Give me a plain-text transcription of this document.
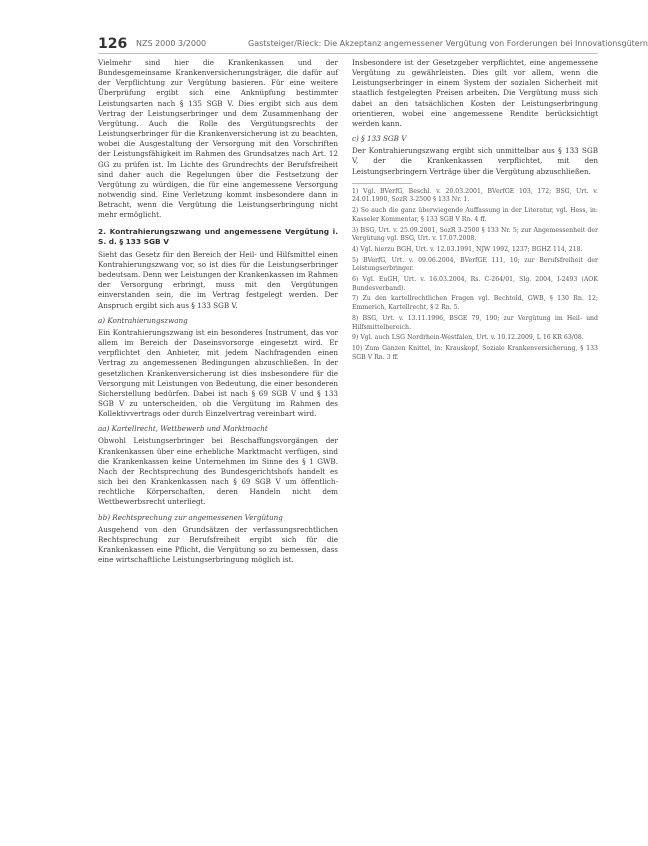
126 NZS 2000 3/2000	Gaststeiger/Rieck: Die Akzeptanz angemessener Vergütung von Forderungen bei Innovationsgütern

Vielmehr sind hier die Krankenkassen und der Bundesgemeinsame Krankenversicherungsträger, die dafür auf der Verpflichtung zur Vergütung basieren. Für eine weitere Überprüfung ergibt sich eine Anknüpfung bestimmter Leistungsarten nach § 135 SGB V. Dies ergibt sich aus dem Vertrag der Leistungserbringer und dem Zusammenhang der Vergütung. Auch die Rolle des Vergütungsrechts der Leistungserbringer für die Krankenversicherung ist zu beachten, wobei die Ausgestaltung der Versorgung mit den Vorschriften der Leistungsfähigkeit im Rahmen des Grundsatzes nach Art. 12 GG zu prüfen ist. Im Lichte des Grundrechts der Berufsfreiheit sind daher auch die Regelungen über die Festsetzung der Vergütung zu würdigen, die für eine angemessene Versorgung notwendig sind. Eine Verletzung kommt insbesondere dann in Betracht, wenn die Vergütung die Leistungserbringung nicht mehr ermöglicht.

2. Kontrahierungszwang und angemessene Vergütung i. S. d. § 133 SGB V

Sieht das Gesetz für den Bereich der Heil- und Hilfsmittel einen Kontrahierungszwang vor, so ist dies für die Leistungserbringer bedeutsam. Denn wer Leistungen der Krankenkassen im Rahmen der Versorgung erbringt, muss mit den Vergütungen einverstanden sein, die im Vertrag festgelegt werden. Der Anspruch ergibt sich aus § 133 SGB V.

a) Kontrahierungszwang

Ein Kontrahierungszwang ist ein besonderes Instrument, das vor allem im Bereich der Daseinsvorsorge eingesetzt wird. Er verpflichtet den Anbieter, mit jedem Nachfragenden einen Vertrag zu angemessenen Bedingungen abzuschließen. In der gesetzlichen Krankenversicherung ist dies insbesondere für die Versorgung mit Leistungen von Bedeutung, die einer besonderen Sicherstellung bedürfen. Dabei ist nach § 69 SGB V und § 133 SGB V zu unterscheiden, ob die Vergütung im Rahmen des Kollektivvertrags oder durch Einzelvertrag vereinbart wird.

aa) Kartellrecht, Wettbewerb und Marktmacht

Obwohl Leistungserbringer bei Beschaffungsvorgängen der Krankenkassen über eine erhebliche Marktmacht verfügen, sind die Krankenkassen keine Unternehmen im Sinne des § 1 GWB. Nach der Rechtsprechung des Bundesgerichtshofs handelt es sich bei den Krankenkassen nach § 69 SGB V um öffentlich-rechtliche Körperschaften, deren Handeln nicht dem Wettbewerbsrecht unterliegt.

bb) Rechtsprechung zur angemessenen Vergütung

Ausgehend von den Grundsätzen der verfassungsrechtlichen Rechtsprechung zur Berufsfreiheit ergibt sich für die Krankenkassen eine Pflicht, die Vergütung so zu bemessen, dass eine wirtschaftliche Leistungserbringung möglich ist.

Insbesondere ist der Gesetzgeber verpflichtet, eine angemessene Vergütung zu gewährleisten. Dies gilt vor allem, wenn die Leistungserbringer in einem System der sozialen Sicherheit mit staatlich festgelegten Preisen arbeiten. Die Vergütung muss sich dabei an den tatsächlichen Kosten der Leistungserbringung orientieren, wobei eine angemessene Rendite berücksichtigt werden kann.

c) § 133 SGB V

Der Kontrahierungszwang ergibt sich unmittelbar aus § 133 SGB V, der die Krankenkassen verpflichtet, mit den Leistungserbringern Verträge über die Vergütung abzuschließen.

1) Vgl. BVerfG, Beschl. v. 20.03.2001, BVerfGE 103, 172; BSG, Urt. v. 24.01.1990, SozR 3-2500 § 133 Nr. 1.

2) So auch die ganz überwiegende Auffassung in der Literatur, vgl. Hess, in: Kasseler Kommentar, § 133 SGB V Rn. 4 ff.

3) BSG, Urt. v. 25.09.2001, SozR 3-2500 § 133 Nr. 5; zur Angemessenheit der Vergütung vgl. BSG, Urt. v. 17.07.2008.

4) Vgl. hierzu BGH, Urt. v. 12.03.1991, NJW 1992, 1237; BGHZ 114, 218.

5) BVerfG, Urt. v. 09.06.2004, BVerfGE 111, 10; zur Berufsfreiheit der Leistungserbringer.

6) Vgl. EuGH, Urt. v. 16.03.2004, Rs. C-264/01, Slg. 2004, I-2493 (AOK Bundesverband).

7) Zu den kartellrechtlichen Fragen vgl. Bechtold, GWB, § 130 Rn. 12; Emmerich, Kartellrecht, § 2 Rn. 5.

8) BSG, Urt. v. 13.11.1996, BSGE 79, 190; zur Vergütung im Heil- und Hilfsmittelbereich.

9) Vgl. auch LSG Nordrhein-Westfalen, Urt. v. 10.12.2009, L 16 KR 63/08.

10) Zum Ganzen Knittel, in: Krauskopf, Soziale Krankenversicherung, § 133 SGB V Rn. 3 ff.
